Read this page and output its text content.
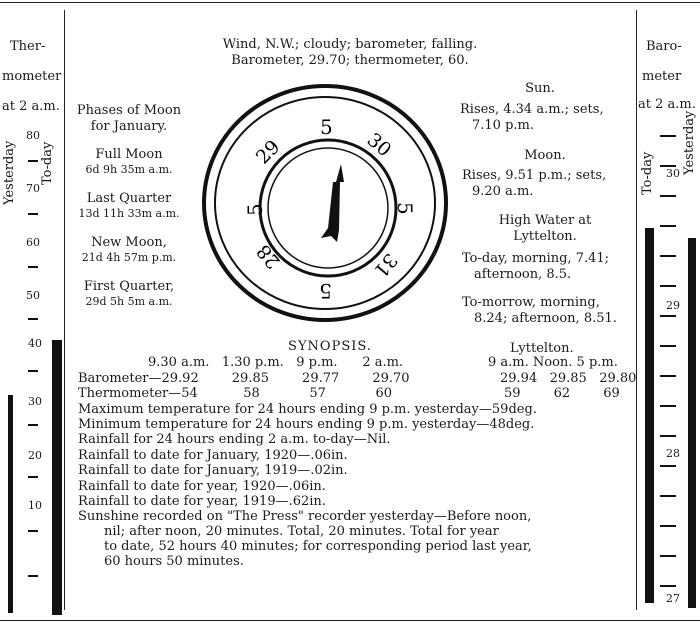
Ther-
mometer
at 2 a.m.
Yesterday To-day
80
70
60
50
40
30
20
10
Baro-
meter
at 2 a.m.
To-day Yesterday
30
29
28
27
Wind, N.W.; cloudy; barometer, falling.
Barometer, 29.70; thermometer, 60.
Phases of Moon
for January.
Full Moon
6d 9h 35m a.m.
Last Quarter
13d 11h 33m a.m.
New Moon,
21d 4h 57m p.m.
First Quarter,
29d 5h 5m a.m.
29
5
30
5
31
5
28
5
Sun.
Rises, 4.34 a.m.; sets,
7.10 p.m.
Moon.
Rises, 9.51 p.m.; sets,
9.20 a.m.
High Water at
Lyttelton.
To-day, morning, 7.41;
afternoon, 8.5.
To-morrow, morning,
8.24; afternoon, 8.51.
SYNOPSIS.	Lyttelton.
9.30 a.m.   1.30 p.m.   9 p.m.      2 a.m.	9 a.m. Noon. 5 p.m.
Barometer—29.92        29.85        29.77        29.70	29.94   29.85   29.80
Thermometer—54           58            57            60	59        62        69
Maximum temperature for 24 hours ending 9 p.m. yesterday—59deg.
Minimum temperature for 24 hours ending 9 p.m. yesterday—48deg.
Rainfall for 24 hours ending 2 a.m. to-day—Nil.
Rainfall to date for January, 1920—.06in.
Rainfall to date for January, 1919—.02in.
Rainfall to date for year, 1920—.06in.
Rainfall to date for year, 1919—.62in.
Sunshine recorded on "The Press" recorder yesterday—Before noon,
nil; after noon, 20 minutes. Total, 20 minutes. Total for year
to date, 52 hours 40 minutes; for corresponding period last year,
60 hours 50 minutes.
